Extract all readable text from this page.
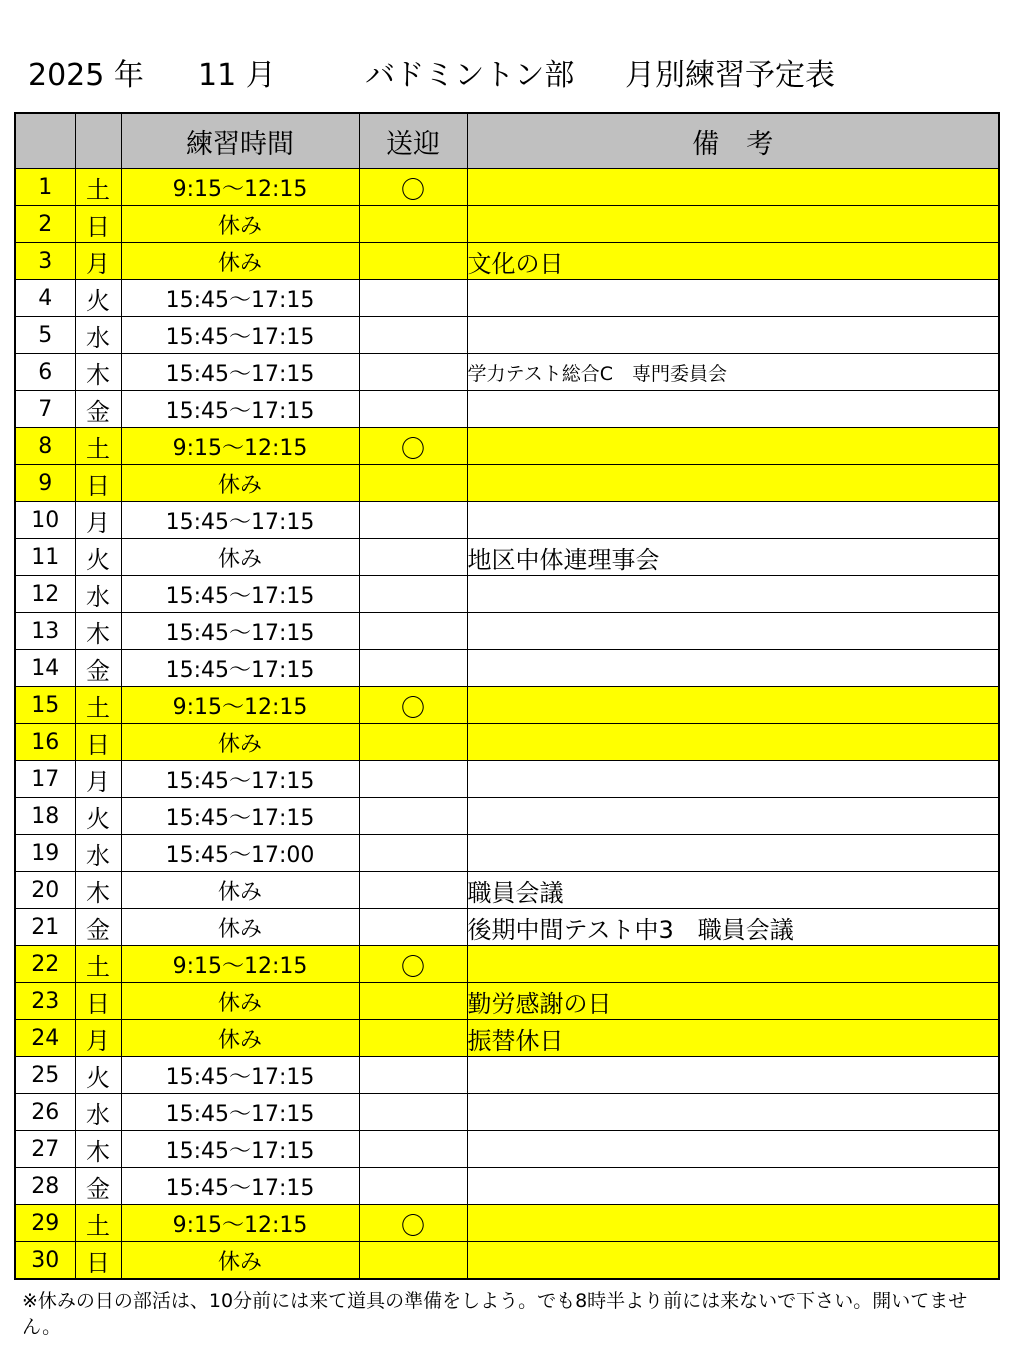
2025 年 11 月	バドミントン部 月別練習予定表
		練習時間	送迎	備　考
1	土	9:15～12:15	〇	
2	日	休み		
3	月	休み		文化の日
4	火	15:45～17:15		
5	水	15:45～17:15		
6	木	15:45～17:15		学力テスト総合C　専門委員会
7	金	15:45～17:15		
8	土	9:15～12:15	〇	
9	日	休み		
10	月	15:45～17:15		
11	火	休み		地区中体連理事会
12	水	15:45～17:15		
13	木	15:45～17:15		
14	金	15:45～17:15		
15	土	9:15～12:15	〇	
16	日	休み		
17	月	15:45～17:15		
18	火	15:45～17:15		
19	水	15:45～17:00		
20	木	休み		職員会議
21	金	休み		後期中間テスト中3　職員会議
22	土	9:15～12:15	〇	
23	日	休み		勤労感謝の日
24	月	休み		振替休日
25	火	15:45～17:15		
26	水	15:45～17:15		
27	木	15:45～17:15		
28	金	15:45～17:15		
29	土	9:15～12:15	〇	
30	日	休み		
※休みの日の部活は、10分前には来て道具の準備をしよう。でも8時半より前には来ないで下さい。開いてません。
